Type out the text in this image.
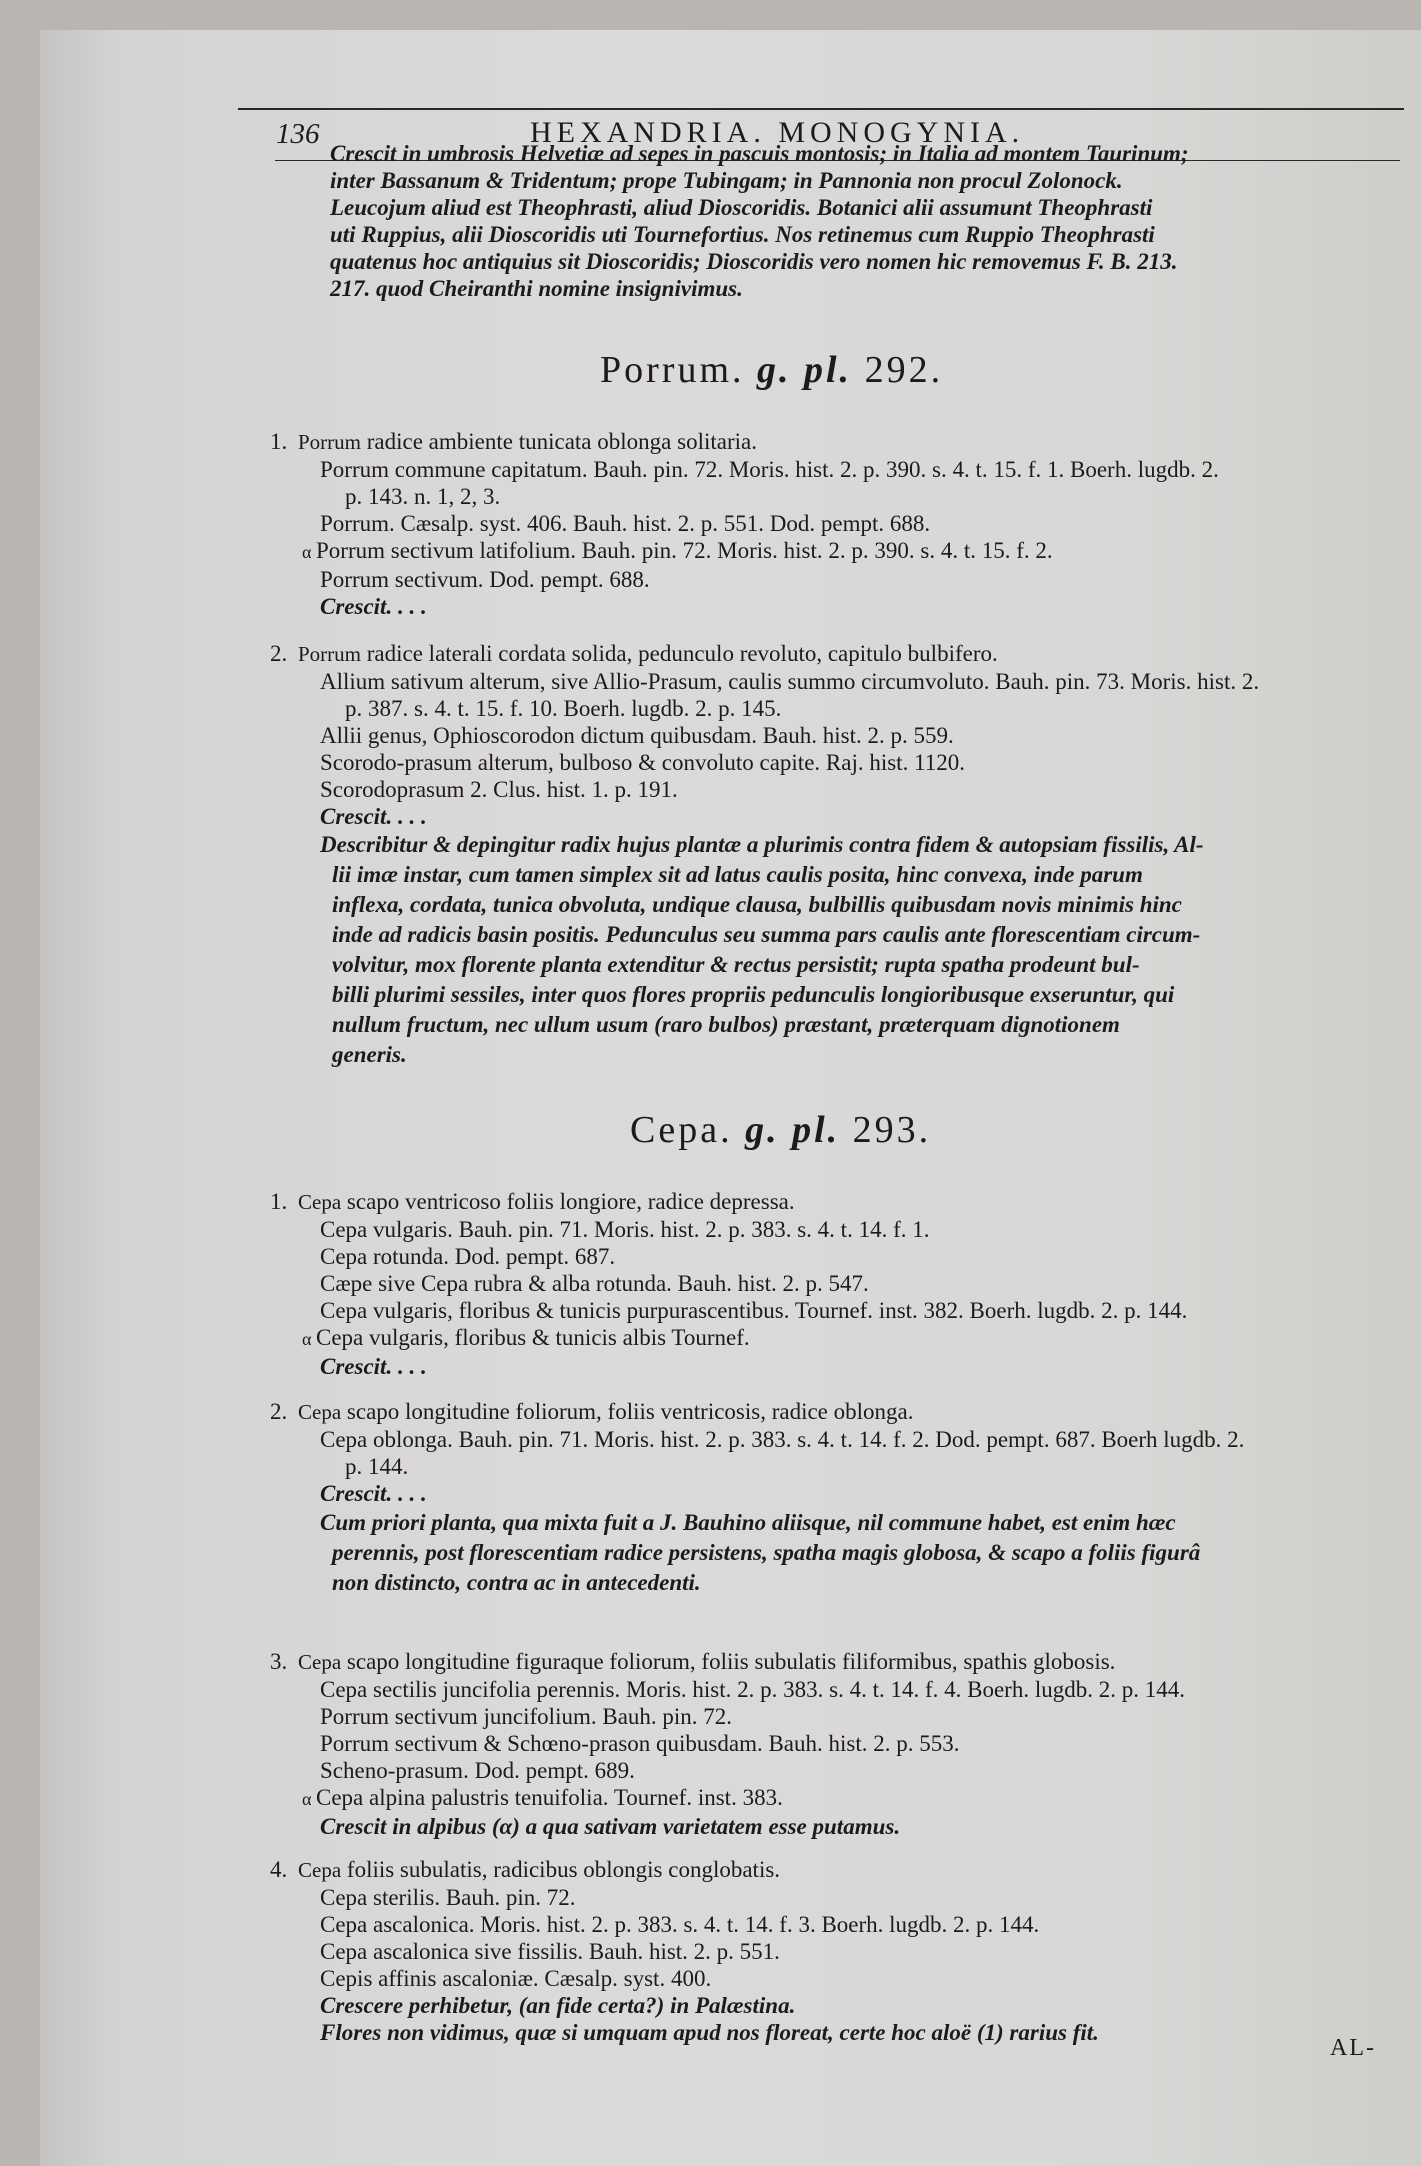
136	HEXANDRIA. MONOGYNIA.
Crescit in umbrosis Helvetiæ ad sepes in pascuis montosis; in Italia ad montem Taurinum;
inter Bassanum & Tridentum; prope Tubingam; in Pannonia non procul Zolonock.
Leucojum aliud est Theophrasti, aliud Dioscoridis. Botanici alii assumunt Theophrasti
uti Ruppius, alii Dioscoridis uti Tournefortius. Nos retinemus cum Ruppio Theophrasti
quatenus hoc antiquius sit Dioscoridis; Dioscoridis vero nomen hic removemus F. B. 213.
217. quod Cheiranthi nomine insignivimus.
Porrum. g. pl. 292.
1. Porrum radice ambiente tunicata oblonga solitaria.
Porrum commune capitatum. Bauh. pin. 72. Moris. hist. 2. p. 390. s. 4. t. 15. f. 1. Boerh. lugdb. 2.
p. 143. n. 1, 2, 3.
Porrum. Cæsalp. syst. 406. Bauh. hist. 2. p. 551. Dod. pempt. 688.
α Porrum sectivum latifolium. Bauh. pin. 72. Moris. hist. 2. p. 390. s. 4. t. 15. f. 2.
Porrum sectivum. Dod. pempt. 688.
Crescit. . . .
2. Porrum radice laterali cordata solida, pedunculo revoluto, capitulo bulbifero.
Allium sativum alterum, sive Allio-Prasum, caulis summo circumvoluto. Bauh. pin. 73. Moris. hist. 2.
p. 387. s. 4. t. 15. f. 10. Boerh. lugdb. 2. p. 145.
Allii genus, Ophioscorodon dictum quibusdam. Bauh. hist. 2. p. 559.
Scorodo-prasum alterum, bulboso & convoluto capite. Raj. hist. 1120.
Scorodoprasum 2. Clus. hist. 1. p. 191.
Crescit. . . .
Describitur & depingitur radix hujus plantæ a plurimis contra fidem & autopsiam fissilis, Al-
lii imæ instar, cum tamen simplex sit ad latus caulis posita, hinc convexa, inde parum
inflexa, cordata, tunica obvoluta, undique clausa, bulbillis quibusdam novis minimis hinc
inde ad radicis basin positis. Pedunculus seu summa pars caulis ante florescentiam circum-
volvitur, mox florente planta extenditur & rectus persistit; rupta spatha prodeunt bul-
billi plurimi sessiles, inter quos flores propriis pedunculis longioribusque exseruntur, qui
nullum fructum, nec ullum usum (raro bulbos) præstant, præterquam dignotionem
generis.
Cepa. g. pl. 293.
1. Cepa scapo ventricoso foliis longiore, radice depressa.
Cepa vulgaris. Bauh. pin. 71. Moris. hist. 2. p. 383. s. 4. t. 14. f. 1.
Cepa rotunda. Dod. pempt. 687.
Cæpe sive Cepa rubra & alba rotunda. Bauh. hist. 2. p. 547.
Cepa vulgaris, floribus & tunicis purpurascentibus. Tournef. inst. 382. Boerh. lugdb. 2. p. 144.
α Cepa vulgaris, floribus & tunicis albis Tournef.
Crescit. . . .
2. Cepa scapo longitudine foliorum, foliis ventricosis, radice oblonga.
Cepa oblonga. Bauh. pin. 71. Moris. hist. 2. p. 383. s. 4. t. 14. f. 2. Dod. pempt. 687. Boerh lugdb. 2.
p. 144.
Crescit. . . .
Cum priori planta, qua mixta fuit a J. Bauhino aliisque, nil commune habet, est enim hæc
perennis, post florescentiam radice persistens, spatha magis globosa, & scapo a foliis figurâ
non distincto, contra ac in antecedenti.
3. Cepa scapo longitudine figuraque foliorum, foliis subulatis filiformibus, spathis globosis.
Cepa sectilis juncifolia perennis. Moris. hist. 2. p. 383. s. 4. t. 14. f. 4. Boerh. lugdb. 2. p. 144.
Porrum sectivum juncifolium. Bauh. pin. 72.
Porrum sectivum & Schœno-prason quibusdam. Bauh. hist. 2. p. 553.
Scheno-prasum. Dod. pempt. 689.
α Cepa alpina palustris tenuifolia. Tournef. inst. 383.
Crescit in alpibus (α) a qua sativam varietatem esse putamus.
4. Cepa foliis subulatis, radicibus oblongis conglobatis.
Cepa sterilis. Bauh. pin. 72.
Cepa ascalonica. Moris. hist. 2. p. 383. s. 4. t. 14. f. 3. Boerh. lugdb. 2. p. 144.
Cepa ascalonica sive fissilis. Bauh. hist. 2. p. 551.
Cepis affinis ascaloniæ. Cæsalp. syst. 400.
Crescere perhibetur, (an fide certa?) in Palæstina.
Flores non vidimus, quæ si umquam apud nos floreat, certe hoc aloë (1) rarius fit.
AL-
